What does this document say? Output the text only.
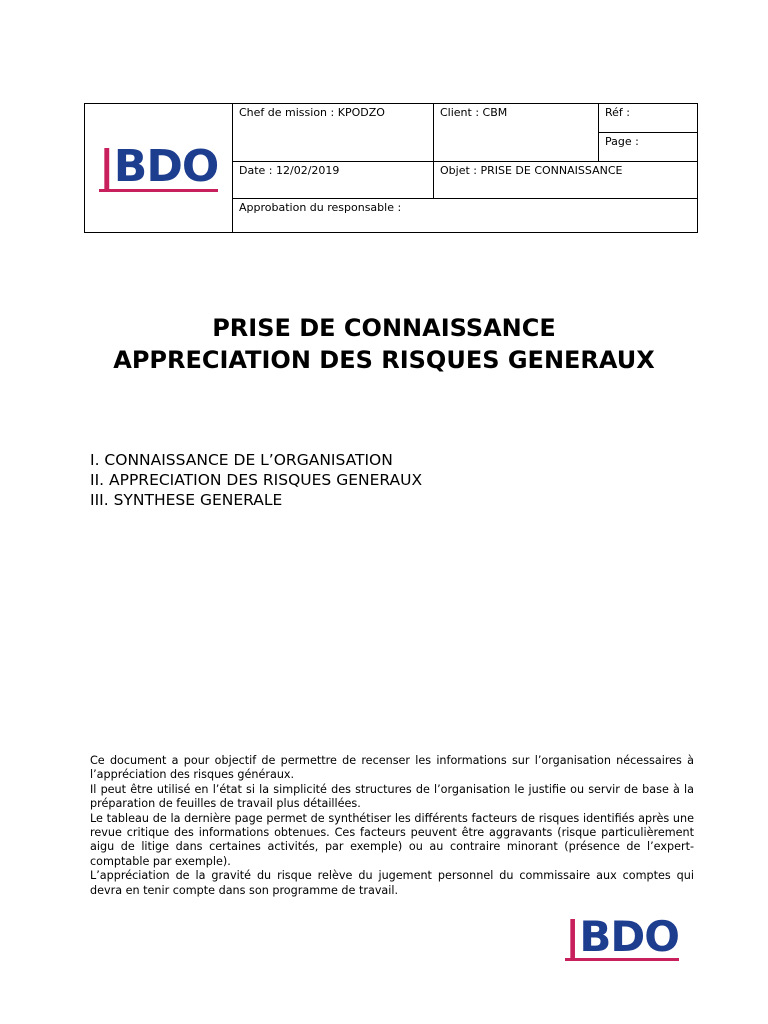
|BDO	Chef de mission : KPODZO	Client : CBM	Réf :
			Page :
	Date : 12/02/2019	Objet : PRISE DE CONNAISSANCE	
	Approbation du responsable :		
PRISE DE CONNAISSANCE
APPRECIATION DES RISQUES GENERAUX
I. CONNAISSANCE DE L’ORGANISATION
II. APPRECIATION DES RISQUES GENERAUX
III. SYNTHESE GENERALE

Ce document a pour objectif de permettre de recenser les informations sur l’organisation nécessaires à l’appréciation des risques généraux.

Il peut être utilisé en l’état si la simplicité des structures de l’organisation le justifie ou servir de base à la préparation de feuilles de travail plus détaillées.

Le tableau de la dernière page permet de synthétiser les différents facteurs de risques identifiés après une revue critique des informations obtenues. Ces facteurs peuvent être aggravants (risque particulièrement aigu de litige dans certaines activités, par exemple) ou au contraire minorant (présence de l’expert-comptable par exemple).

L’appréciation de la gravité du risque relève du jugement personnel du commissaire aux comptes qui devra en tenir compte dans son programme de travail.

|BDO
